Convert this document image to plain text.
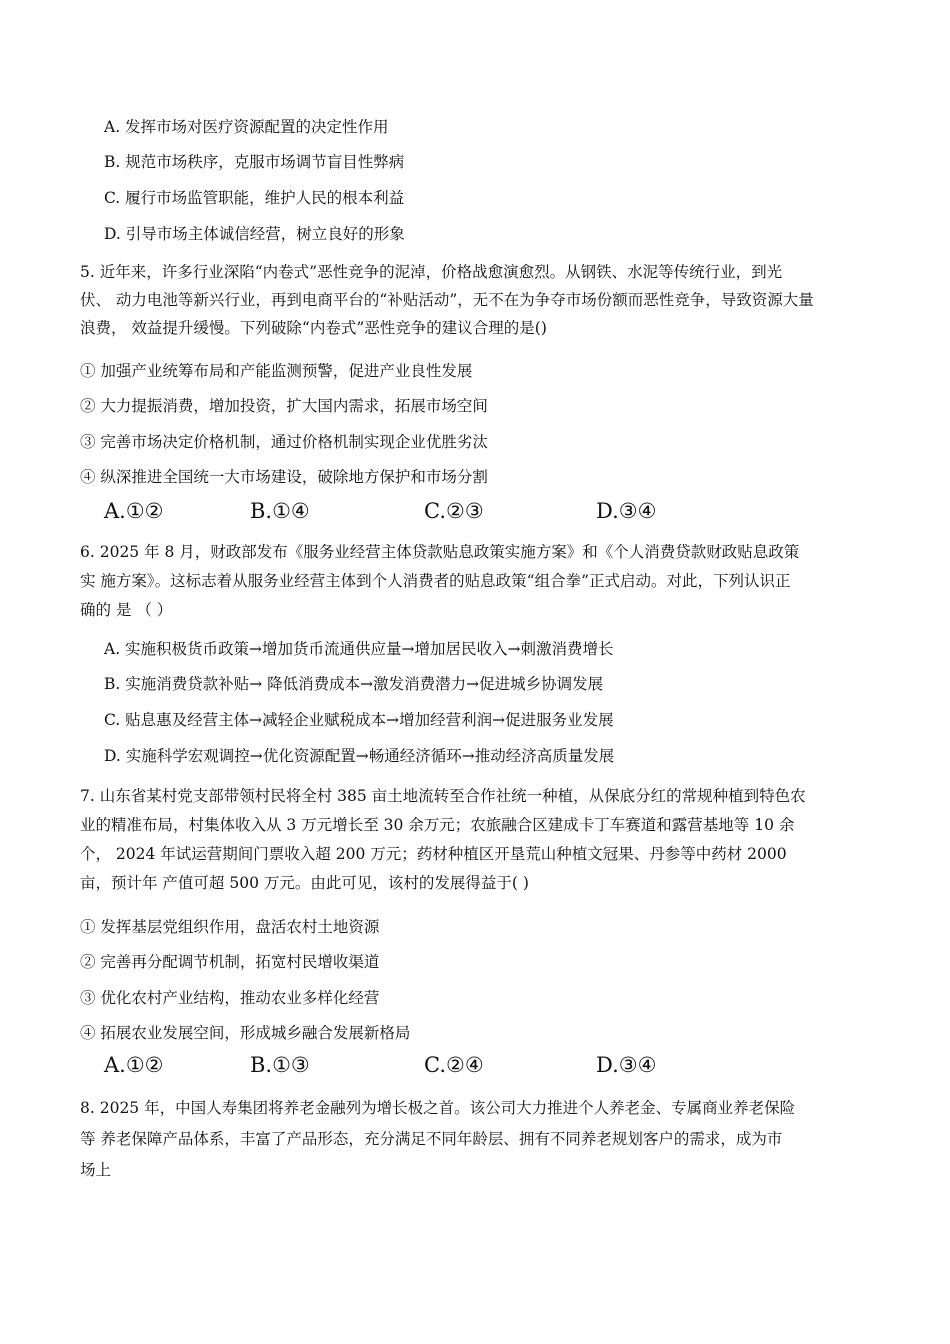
A. 发挥市场对医疗资源配置的决定性作用
B. 规范市场秩序，克服市场调节盲目性弊病
C. 履行市场监管职能，维护人民的根本利益
D. 引导市场主体诚信经营，树立良好的形象
5. 近年来，许多行业深陷“内卷式”恶性竞争的泥淖，价格战愈演愈烈。从钢铁、水泥等传统行业，到光
伏、 动力电池等新兴行业，再到电商平台的“补贴活动”，无不在为争夺市场份额而恶性竞争，导致资源大量
浪费， 效益提升缓慢。下列破除“内卷式”恶性竞争的建议合理的是()
① 加强产业统筹布局和产能监测预警，促进产业良性发展
② 大力提振消费，增加投资，扩大国内需求，拓展市场空间
③ 完善市场决定价格机制，通过价格机制实现企业优胜劣汰
④ 纵深推进全国统一大市场建设，破除地方保护和市场分割
A.①②	B.①④	C.②③	D.③④
6. 2025 年 8 月，财政部发布《服务业经营主体贷款贴息政策实施方案》和《个人消费贷款财政贴息政策
实 施方案》。这标志着从服务业经营主体到个人消费者的贴息政策“组合拳”正式启动。对此，下列认识正
确的 是 （ ）
A. 实施积极货币政策→增加货币流通供应量→增加居民收入→刺激消费增长
B. 实施消费贷款补贴→ 降低消费成本→激发消费潜力→促进城乡协调发展
C. 贴息惠及经营主体→减轻企业赋税成本→增加经营利润→促进服务业发展
D. 实施科学宏观调控→优化资源配置→畅通经济循环→推动经济高质量发展
7. 山东省某村党支部带领村民将全村 385 亩土地流转至合作社统一种植，从保底分红的常规种植到特色农
业的精准布局，村集体收入从 3 万元增长至 30 余万元；农旅融合区建成卡丁车赛道和露营基地等 10 余
个， 2024 年试运营期间门票收入超 200 万元；药材种植区开垦荒山种植文冠果、丹参等中药材 2000
亩，预计年 产值可超 500 万元。由此可见，该村的发展得益于( )
① 发挥基层党组织作用，盘活农村土地资源
② 完善再分配调节机制，拓宽村民增收渠道
③ 优化农村产业结构，推动农业多样化经营
④ 拓展农业发展空间，形成城乡融合发展新格局
A.①②	B.①③	C.②④	D.③④
8. 2025 年，中国人寿集团将养老金融列为增长极之首。该公司大力推进个人养老金、专属商业养老保险
等 养老保障产品体系，丰富了产品形态，充分满足不同年龄层、拥有不同养老规划客户的需求，成为市
场上
